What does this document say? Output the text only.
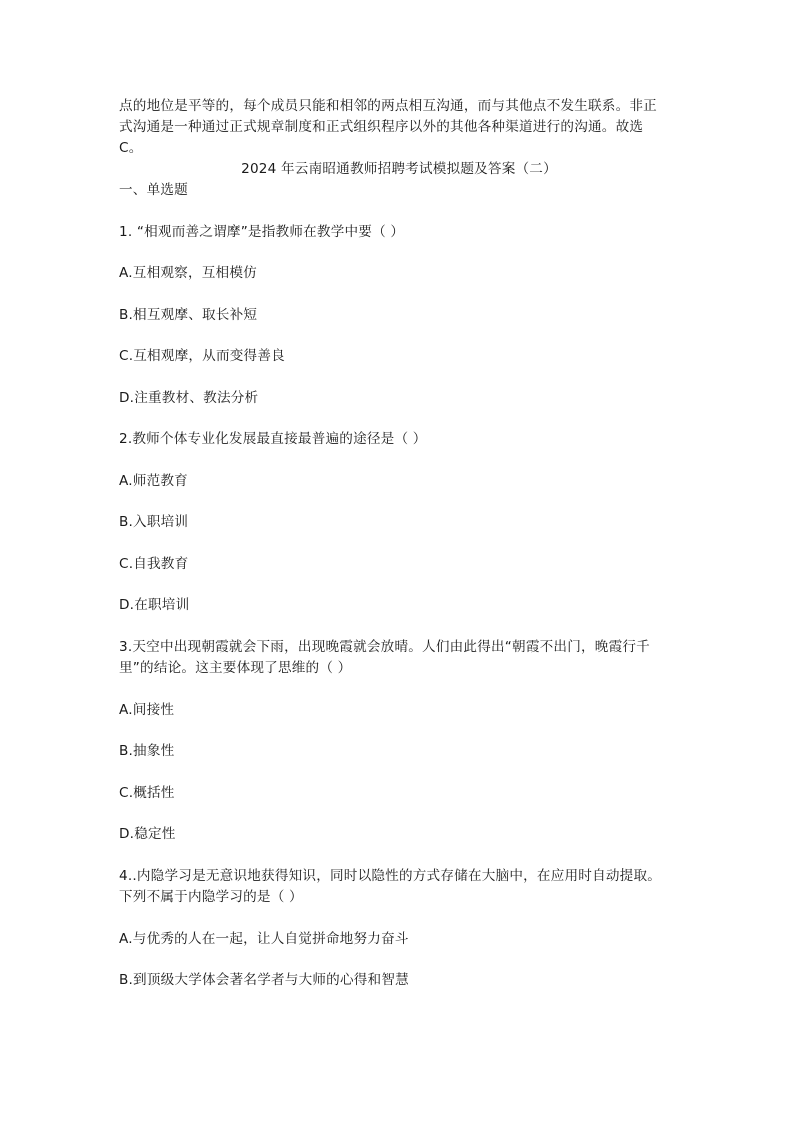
点的地位是平等的，每个成员只能和相邻的两点相互沟通，而与其他点不发生联系。非正
式沟通是一种通过正式规章制度和正式组织程序以外的其他各种渠道进行的沟通。故选
C。
2024 年云南昭通教师招聘考试模拟题及答案（二）
一、单选题
1. “相观而善之谓摩”是指教师在教学中要（ ）
A.互相观察，互相模仿
B.相互观摩、取长补短
C.互相观摩，从而变得善良
D.注重教材、教法分析
2.教师个体专业化发展最直接最普遍的途径是（ ）
A.师范教育
B.入职培训
C.自我教育
D.在职培训
3.天空中出现朝霞就会下雨，出现晚霞就会放晴。人们由此得出“朝霞不出门，晚霞行千
里”的结论。这主要体现了思维的（ ）
A.间接性
B.抽象性
C.概括性
D.稳定性
4..内隐学习是无意识地获得知识，同时以隐性的方式存储在大脑中，在应用时自动提取。
下列不属于内隐学习的是（ ）
A.与优秀的人在一起，让人自觉拼命地努力奋斗
B.到顶级大学体会著名学者与大师的心得和智慧
